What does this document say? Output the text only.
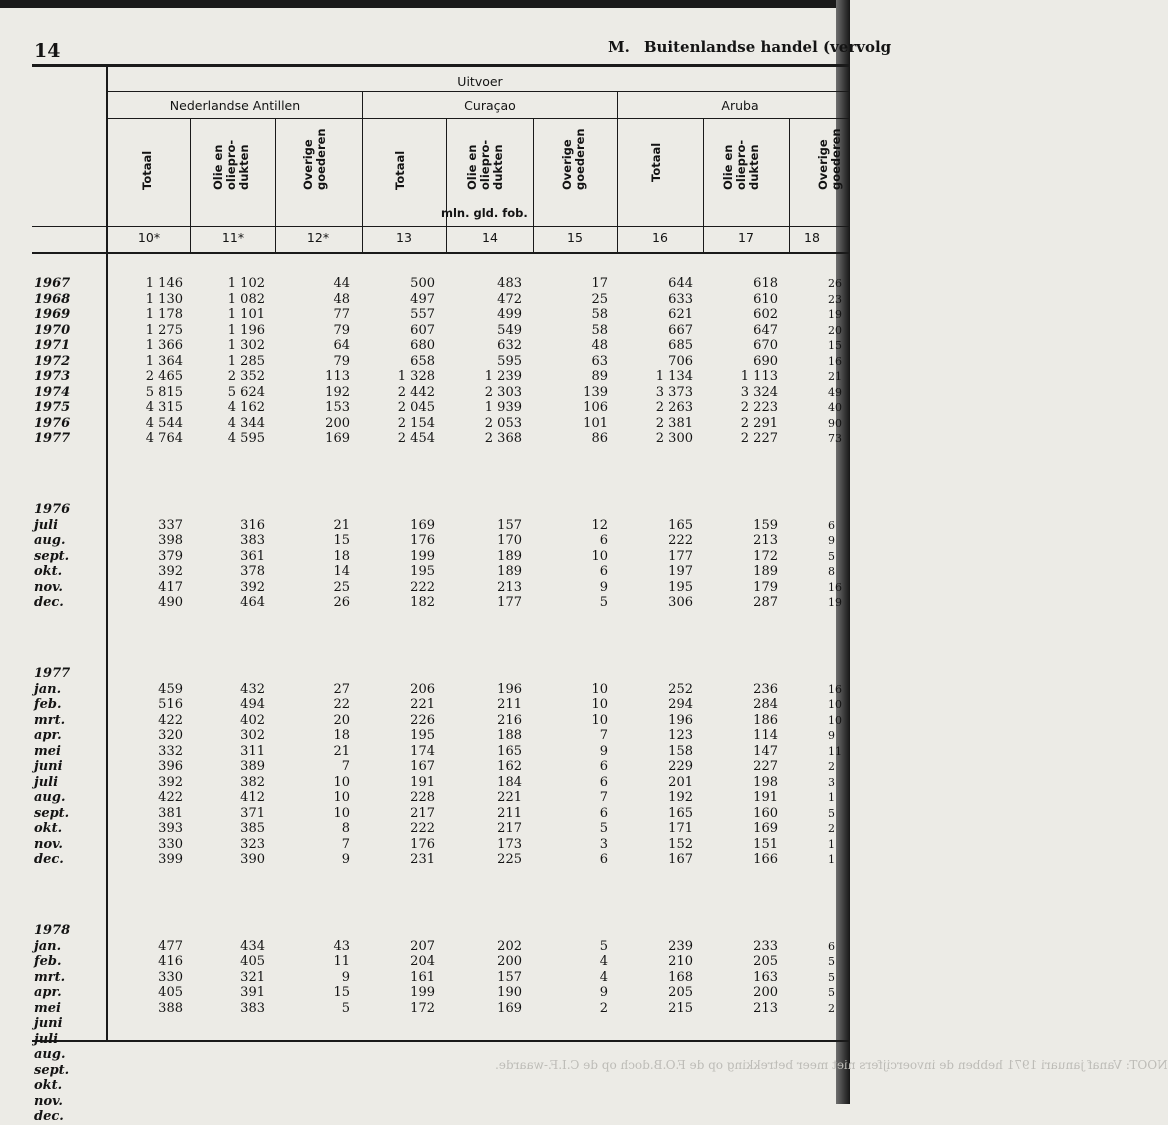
14	M. Buitenlandse handel (vervolg
Uitvoer
Nederlandse Antillen	Curaçao	Aruba
Totaal	Olie en
oliepro-
dukten	Overige
goederen	Totaal	Olie en
oliepro-
dukten	Overige
goederen	Totaal	Olie en
oliepro-
dukten	Overige
goederen
mln. gld. fob.
10*	11*	12*	13	14	15	16	17	18
1967	1 146	1 102	44	500	483	17	644	618	26
1968	1 130	1 082	48	497	472	25	633	610	23
1969	1 178	1 101	77	557	499	58	621	602	19
1970	1 275	1 196	79	607	549	58	667	647	20
1971	1 366	1 302	64	680	632	48	685	670	15
1972	1 364	1 285	79	658	595	63	706	690	16
1973	2 465	2 352	113	1 328	1 239	89	1 134	1 113	21
1974	5 815	5 624	192	2 442	2 303	139	3 373	3 324	49
1975	4 315	4 162	153	2 045	1 939	106	2 263	2 223	40
1976	4 544	4 344	200	2 154	2 053	101	2 381	2 291	90
1977	4 764	4 595	169	2 454	2 368	86	2 300	2 227	73
1976
juli	337	316	21	169	157	12	165	159	6
aug.	398	383	15	176	170	6	222	213	9
sept.	379	361	18	199	189	10	177	172	5
okt.	392	378	14	195	189	6	197	189	8
nov.	417	392	25	222	213	9	195	179	16
dec.	490	464	26	182	177	5	306	287	19
1977
jan.	459	432	27	206	196	10	252	236	16
feb.	516	494	22	221	211	10	294	284	10
mrt.	422	402	20	226	216	10	196	186	10
apr.	320	302	18	195	188	7	123	114	9
mei	332	311	21	174	165	9	158	147	11
juni	396	389	7	167	162	6	229	227	2
juli	392	382	10	191	184	6	201	198	3
aug.	422	412	10	228	221	7	192	191	1
sept.	381	371	10	217	211	6	165	160	5
okt.	393	385	8	222	217	5	171	169	2
nov.	330	323	7	176	173	3	152	151	1
dec.	399	390	9	231	225	6	167	166	1
1978
jan.	477	434	43	207	202	5	239	233	6
feb.	416	405	11	204	200	4	210	205	5
mrt.	330	321	9	161	157	4	168	163	5
apr.	405	391	15	199	190	9	205	200	5
mei	388	383	5	172	169	2	215	213	2
juni
juli
aug.
sept.
okt.
nov.
dec.
NOOT: Vanaf januari 1971 hebben de invoercijfers niet meer betrekking op de F.O.B.doch op de C.I.F.-waarde.
